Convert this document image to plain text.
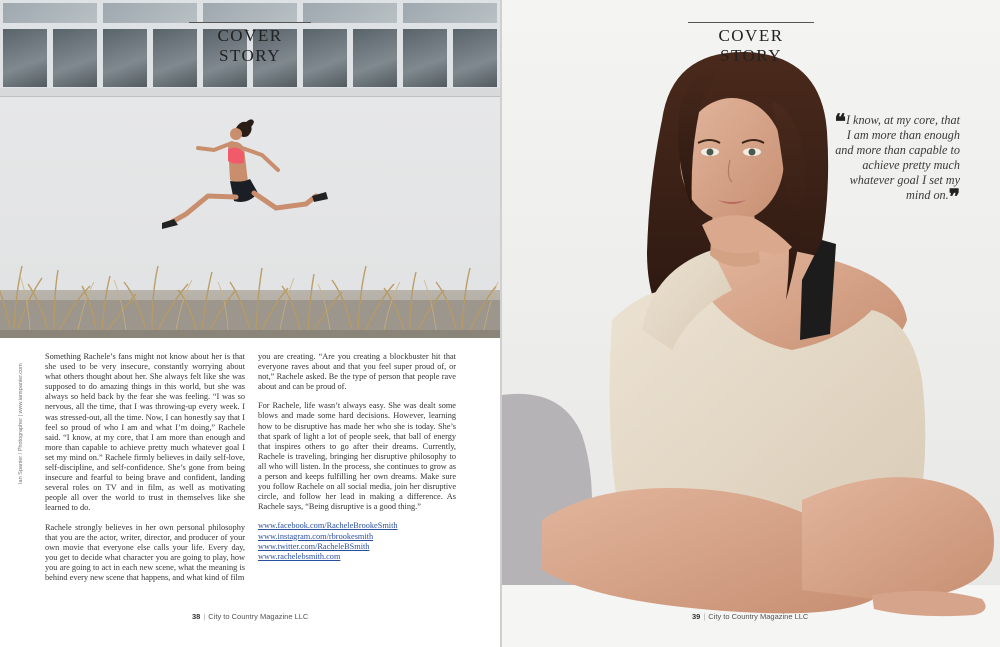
COVER STORY
Ian Spanier / Photographer | www.ianspanier.com

Something Rachele’s fans might not know about her is that she used to be very insecure, constantly worrying about what others thought about her. She always felt like she was supposed to do amazing things in this world, but she was always so held back by the fear she was feeling. “I was so nervous, all the time, that I was throwing-up every week. I was stressed-out, all the time. Now, I can honestly say that I feel so proud of who I am and what I’m doing,” Rachele said. “I know, at my core, that I am more than enough and more than capable to achieve pretty much whatever goal I set my mind on.” Rachele firmly believes in daily self-love, self-discipline, and self-confidence. She’s gone from being insecure and fearful to being brave and confident, landing several roles on TV and in film, as well as motivating people all over the world to trust in themselves like she learned to do.

Rachele strongly believes in her own personal philosophy that you are the actor, writer, director, and producer of your own movie that everyone else calls your life. Every day, you get to decide what character you are going to play, how you are going to act in each new scene, what the meaning is behind every new scene that happens, and what kind of film

you are creating. “Are you creating a blockbuster hit that everyone raves about and that you feel super proud of, or not,” Rachele asked. Be the type of person that people rave about and can be proud of.

For Rachele, life wasn’t always easy. She was dealt some blows and made some hard decisions. However, learning how to be disruptive has made her who she is today. She’s that spark of light a lot of people seek, that ball of energy that inspires others to go after their dreams. Currently, Rachele is traveling, bringing her disruptive philosophy to all who will listen. In the process, she continues to grow as a person and keeps fulfilling her own dreams. Make sure you follow Rachele on all social media, join her disruptive circle, and follow her lead in making a difference. As Rachele says, “Being disruptive is a good thing.”

www.facebook.com/RacheleBrookeSmith
www.instagram.com/rbrookesmith
www.twitter.com/RacheleBSmith
www.rachelebsmith.com
38 | City to Country Magazine LLC
COVER STORY
❝I know, at my core, that I am more than enough and more than capable to achieve pretty much whatever goal I set my mind on.❞
39 | City to Country Magazine LLC
